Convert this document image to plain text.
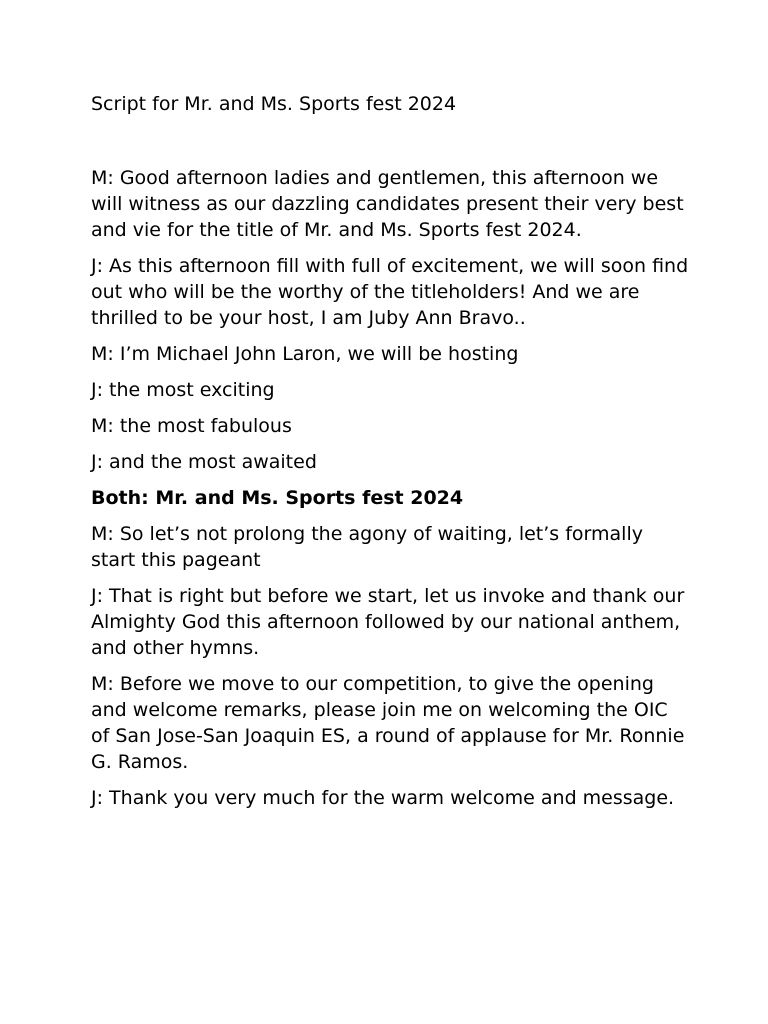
Script for Mr. and Ms. Sports fest 2024

M: Good afternoon ladies and gentlemen, this afternoon we will witness as our dazzling candidates present their very best and vie for the title of Mr. and Ms. Sports fest 2024.

J: As this afternoon fill with full of excitement, we will soon find out who will be the worthy of the titleholders! And we are thrilled to be your host, I am Juby Ann Bravo..

M: I’m Michael John Laron, we will be hosting

J: the most exciting

M: the most fabulous

J: and the most awaited

Both: Mr. and Ms. Sports fest 2024

M: So let’s not prolong the agony of waiting, let’s formally start this pageant

J: That is right but before we start, let us invoke and thank our Almighty God this afternoon followed by our national anthem, and other hymns.

M: Before we move to our competition, to give the opening and welcome remarks, please join me on welcoming the OIC of San Jose-San Joaquin ES, a round of applause for Mr. Ronnie G. Ramos.

J: Thank you very much for the warm welcome and message.
